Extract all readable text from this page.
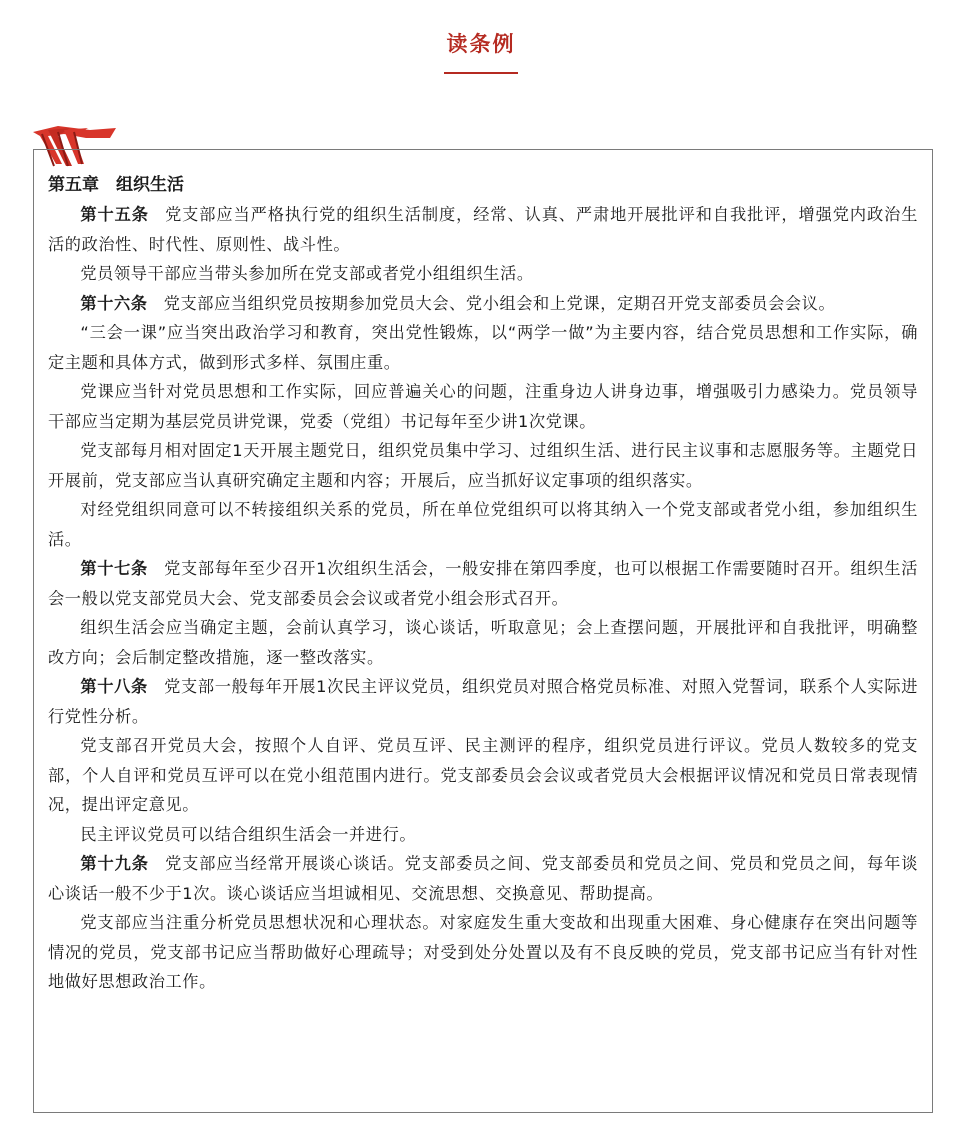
读条例
第五章　组织生活

第十五条 党支部应当严格执行党的组织生活制度，经常、认真、严肃地开展批评和自我批评，增强党内政治生活的政治性、时代性、原则性、战斗性。

党员领导干部应当带头参加所在党支部或者党小组组织生活。

第十六条 党支部应当组织党员按期参加党员大会、党小组会和上党课，定期召开党支部委员会会议。

“三会一课”应当突出政治学习和教育，突出党性锻炼，以“两学一做”为主要内容，结合党员思想和工作实际，确定主题和具体方式，做到形式多样、氛围庄重。

党课应当针对党员思想和工作实际，回应普遍关心的问题，注重身边人讲身边事，增强吸引力感染力。党员领导干部应当定期为基层党员讲党课，党委（党组）书记每年至少讲1次党课。

党支部每月相对固定1天开展主题党日，组织党员集中学习、过组织生活、进行民主议事和志愿服务等。主题党日开展前，党支部应当认真研究确定主题和内容；开展后，应当抓好议定事项的组织落实。

对经党组织同意可以不转接组织关系的党员，所在单位党组织可以将其纳入一个党支部或者党小组，参加组织生活。

第十七条 党支部每年至少召开1次组织生活会，一般安排在第四季度，也可以根据工作需要随时召开。组织生活会一般以党支部党员大会、党支部委员会会议或者党小组会形式召开。

组织生活会应当确定主题，会前认真学习，谈心谈话，听取意见；会上查摆问题，开展批评和自我批评，明确整改方向；会后制定整改措施，逐一整改落实。

第十八条 党支部一般每年开展1次民主评议党员，组织党员对照合格党员标准、对照入党誓词，联系个人实际进行党性分析。

党支部召开党员大会，按照个人自评、党员互评、民主测评的程序，组织党员进行评议。党员人数较多的党支部，个人自评和党员互评可以在党小组范围内进行。党支部委员会会议或者党员大会根据评议情况和党员日常表现情况，提出评定意见。

民主评议党员可以结合组织生活会一并进行。

第十九条 党支部应当经常开展谈心谈话。党支部委员之间、党支部委员和党员之间、党员和党员之间，每年谈心谈话一般不少于1次。谈心谈话应当坦诚相见、交流思想、交换意见、帮助提高。

党支部应当注重分析党员思想状况和心理状态。对家庭发生重大变故和出现重大困难、身心健康存在突出问题等情况的党员，党支部书记应当帮助做好心理疏导；对受到处分处置以及有不良反映的党员，党支部书记应当有针对性地做好思想政治工作。
